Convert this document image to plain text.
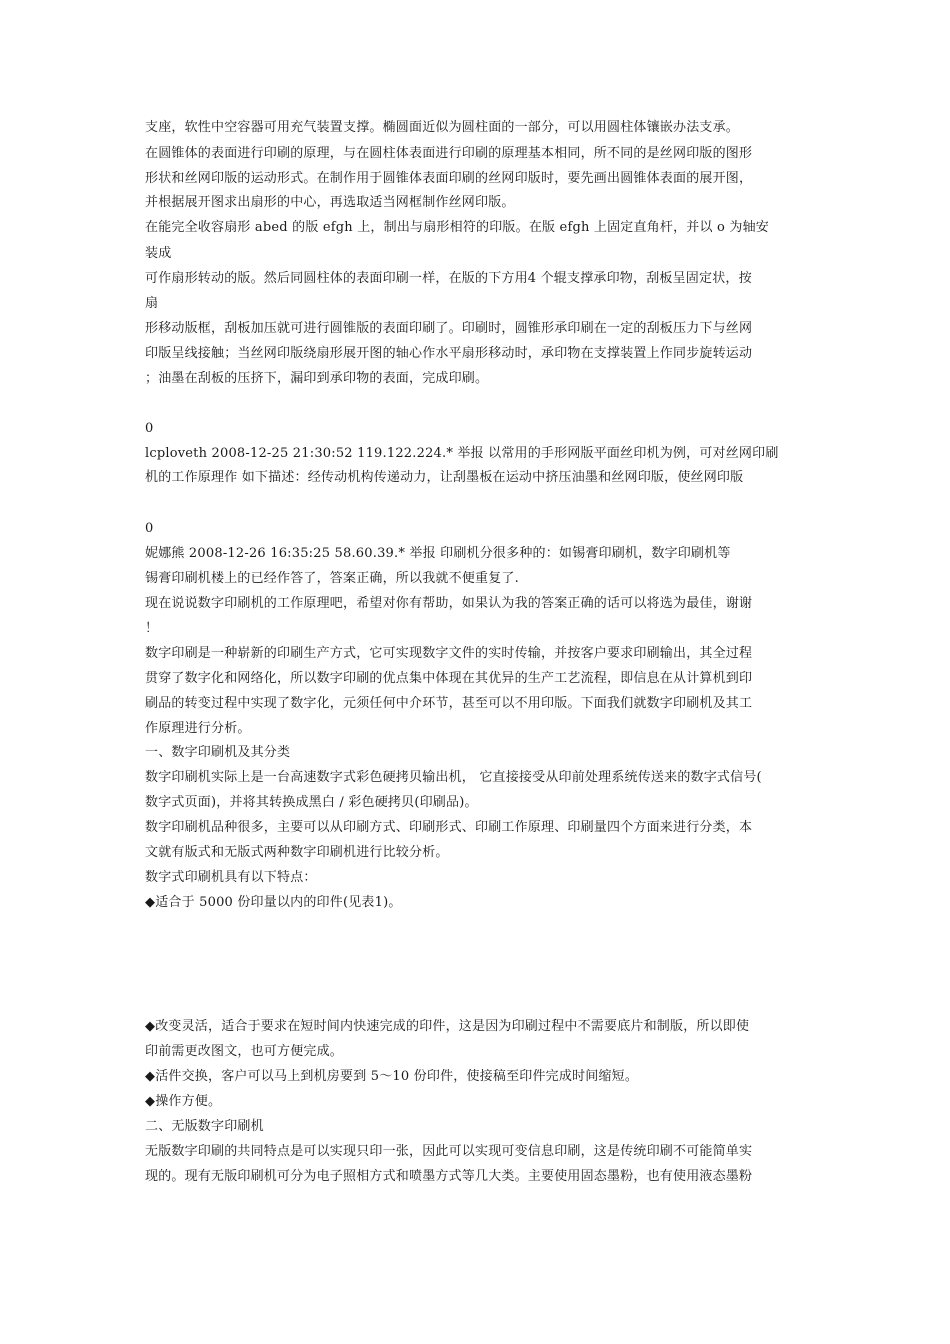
支座，软性中空容器可用充气装置支撑。椭圆面近似为圆柱面的一部分，可以用圆柱体镶嵌办法支承。
在圆锥体的表面进行印刷的原理，与在圆柱体表面进行印刷的原理基本相同，所不同的是丝网印版的图形
形状和丝网印版的运动形式。在制作用于圆锥体表面印刷的丝网印版时，要先画出圆锥体表面的展开图，
并根据展开图求出扇形的中心，再选取适当网框制作丝网印版。
在能完全收容扇形 abed 的版 efgh 上，制出与扇形相符的印版。在版 efgh 上固定直角杆，并以 o 为轴安
装成
可作扇形转动的版。然后同圆柱体的表面印刷一样，在版的下方用4 个辊支撑承印物，刮板呈固定状，按
扇
形移动版框，刮板加压就可进行圆锥版的表面印刷了。印刷时，圆锥形承印刷在一定的刮板压力下与丝网
印版呈线接触；当丝网印版绕扇形展开图的轴心作水平扇形移动时，承印物在支撑装置上作同步旋转运动
；油墨在刮板的压挤下，漏印到承印物的表面，完成印刷。
0
lcploveth 2008-12-25 21:30:52 119.122.224.* 举报 以常用的手形网版平面丝印机为例，可对丝网印刷
机的工作原理作 如下描述：经传动机构传递动力，让刮墨板在运动中挤压油墨和丝网印版，使丝网印版
0
妮娜熊 2008-12-26 16:35:25 58.60.39.* 举报 印刷机分很多种的：如锡膏印刷机，数字印刷机等
锡膏印刷机楼上的已经作答了，答案正确，所以我就不便重复了.
现在说说数字印刷机的工作原理吧，希望对你有帮助，如果认为我的答案正确的话可以将选为最佳，谢谢
！
数字印刷是一种崭新的印刷生产方式，它可实现数字文件的实时传输，并按客户要求印刷输出，其全过程
贯穿了数字化和网络化，所以数字印刷的优点集中体现在其优异的生产工艺流程，即信息在从计算机到印
刷品的转变过程中实现了数字化，元须任何中介环节，甚至可以不用印版。下面我们就数字印刷机及其工
作原理进行分析。
一、数字印刷机及其分类
数字印刷机实际上是一台高速数字式彩色硬拷贝输出机， 它直接接受从印前处理系统传送来的数字式信号(
数字式页面)，并将其转换成黑白 / 彩色硬拷贝(印刷品)。
数字印刷机品种很多，主要可以从印刷方式、印刷形式、印刷工作原理、印刷量四个方面来进行分类，本
文就有版式和无版式两种数字印刷机进行比较分析。
数字式印刷机具有以下特点：
◆适合于 5000 份印量以内的印件(见表1)。
◆改变灵活，适合于要求在短时间内快速完成的印件，这是因为印刷过程中不需要底片和制版，所以即使
印前需更改图文，也可方便完成。
◆活件交换，客户可以马上到机房要到 5～10 份印件，使接稿至印件完成时间缩短。
◆操作方便。
二、无版数字印刷机
无版数字印刷的共同特点是可以实现只印一张，因此可以实现可变信息印刷，这是传统印刷不可能简单实
现的。现有无版印刷机可分为电子照相方式和喷墨方式等几大类。主要使用固态墨粉，也有使用液态墨粉
